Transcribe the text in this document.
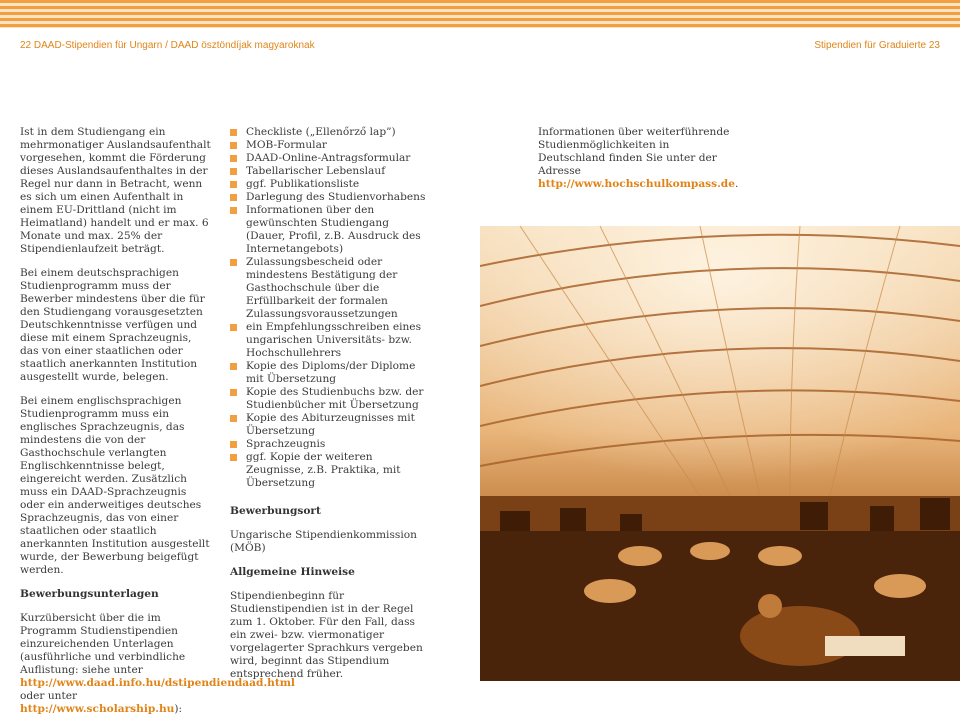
22 DAAD-Stipendien für Ungarn / DAAD ösztöndíjak magyaroknak	Stipendien für Graduierte 23

Ist in dem Studiengang ein mehrmonatiger Auslandsaufenthalt vorgesehen, kommt die Förderung dieses Auslandsaufenthaltes in der Regel nur dann in Betracht, wenn es sich um einen Aufenthalt in einem EU-Drittland (nicht im Heimatland) handelt und er max. 6 Monate und max. 25% der Stipendienlaufzeit beträgt.

Bei einem deutschsprachigen Studienprogramm muss der Bewerber mindestens über die für den Studiengang vorausgesetzten Deutschkenntnisse verfügen und diese mit einem Sprachzeugnis, das von einer staatlichen oder staatlich anerkannten Institution ausgestellt wurde, belegen.

Bei einem englischsprachigen Studienprogramm muss ein englisches Sprachzeugnis, das mindestens die von der Gasthochschule verlangten Englischkenntnisse belegt, eingereicht werden. Zusätzlich muss ein DAAD-Sprachzeugnis oder ein anderweitiges deutsches Sprachzeugnis, das von einer staatlichen oder staatlich anerkannten Institution ausgestellt wurde, der Bewerbung beigefügt werden.

Bewerbungsunterlagen

Kurzübersicht über die im Programm Studienstipendien einzureichenden Unterlagen (ausführliche und verbindliche Auflistung: siehe unter http://www.daad.info.hu/dstipendiendaad.html oder unter http://www.scholarship.hu):

Checkliste („Ellenőrző lap”)
MOB-Formular
DAAD-Online-Antragsformular
Tabellarischer Lebenslauf
ggf. Publikationsliste
Darlegung des Studienvorhabens
Informationen über den gewünschten Studiengang (Dauer, Profil, z.B. Ausdruck des Internetangebots)
Zulassungsbescheid oder mindestens Bestätigung der Gasthochschule über die Erfüllbarkeit der formalen Zulassungsvoraussetzungen
ein Empfehlungsschreiben eines ungarischen Universitäts- bzw. Hochschullehrers
Kopie des Diploms/der Diplome mit Übersetzung
Kopie des Studienbuchs bzw. der Studienbücher mit Übersetzung
Kopie des Abiturzeugnisses mit Übersetzung
Sprachzeugnis
ggf. Kopie der weiteren Zeugnisse, z.B. Praktika, mit Übersetzung
Bewerbungsort

Ungarische Stipendienkommission (MÖB)

Allgemeine Hinweise

Stipendienbeginn für Studienstipendien ist in der Regel zum 1. Oktober. Für den Fall, dass ein zwei- bzw. viermonatiger vorgelagerter Sprachkurs vergeben wird, beginnt das Stipendium entsprechend früher.

Informationen über weiterführende Studienmöglichkeiten in Deutschland finden Sie unter der Adresse http://www.hochschulkompass.de.
